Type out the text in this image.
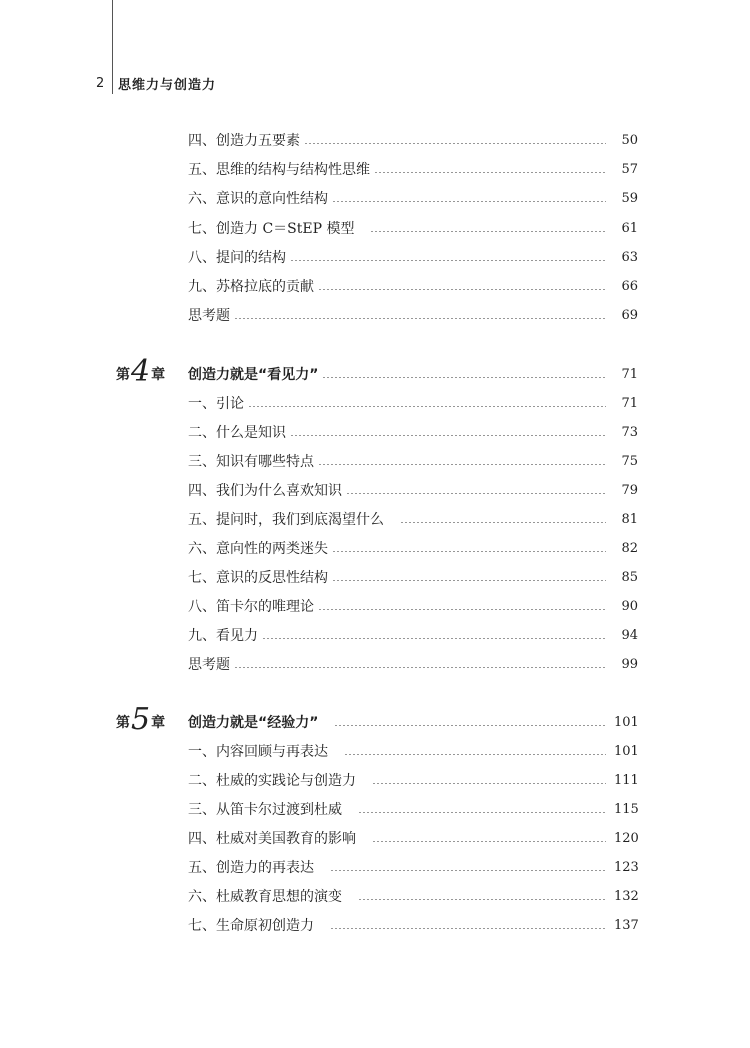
2	思维力与创造力
四、创造力五要素	50
五、思维的结构与结构性思维	57
六、意识的意向性结构	59
七、创造力 C＝StEP 模型	61
八、提问的结构	63
九、苏格拉底的贡献	66
思考题	69
第 4 章 创造力就是“看见力”	71
一、引论	71
二、什么是知识	73
三、知识有哪些特点	75
四、我们为什么喜欢知识	79
五、提问时，我们到底渴望什么	81
六、意向性的两类迷失	82
七、意识的反思性结构	85
八、笛卡尔的唯理论	90
九、看见力	94
思考题	99
第 5 章 创造力就是“经验力”	101
一、内容回顾与再表达	101
二、杜威的实践论与创造力	111
三、从笛卡尔过渡到杜威	115
四、杜威对美国教育的影响	120
五、创造力的再表达	123
六、杜威教育思想的演变	132
七、生命原初创造力	137
